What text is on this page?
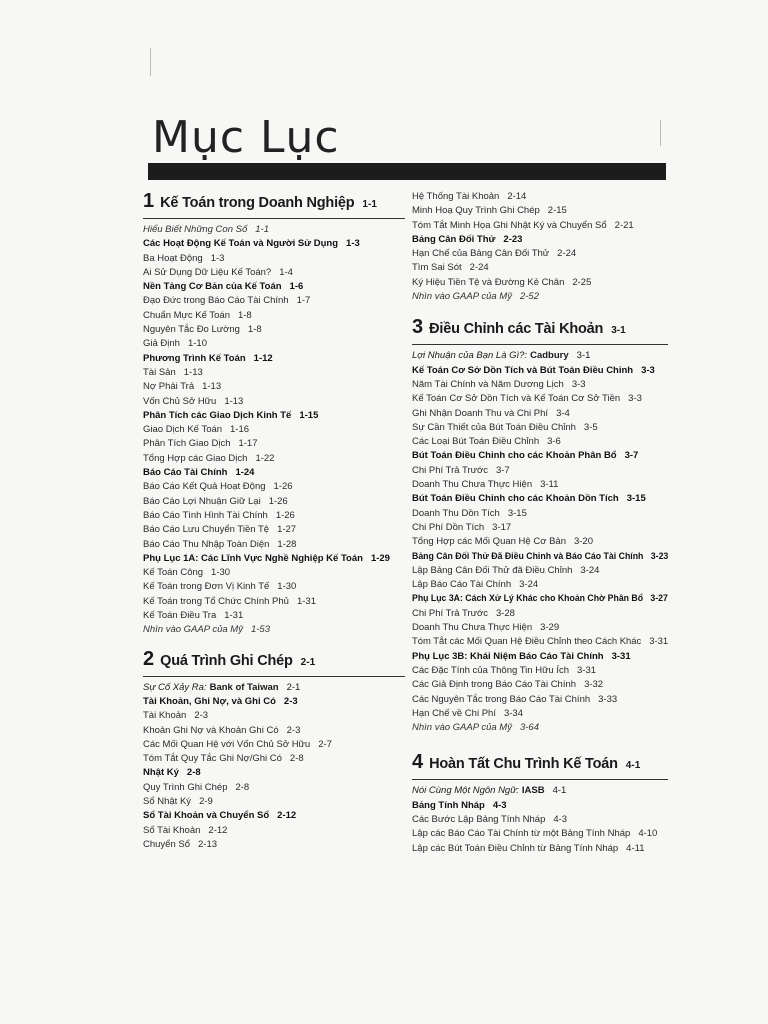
Mục Lục
1 Kế Toán trong Doanh Nghiệp 1-1
Hiểu Biết Những Con Số 1-1
Các Hoạt Động Kế Toán và Người Sử Dụng 1-3
Ba Hoạt Động 1-3
Ai Sử Dụng Dữ Liệu Kế Toán? 1-4
Nền Tảng Cơ Bản của Kế Toán 1-6
Đạo Đức trong Báo Cáo Tài Chính 1-7
Chuẩn Mực Kế Toán 1-8
Nguyên Tắc Đo Lường 1-8
Giả Định 1-10
Phương Trình Kế Toán 1-12
Tài Sản 1-13
Nợ Phải Trả 1-13
Vốn Chủ Sở Hữu 1-13
Phân Tích các Giao Dịch Kinh Tế 1-15
Giao Dịch Kế Toán 1-16
Phân Tích Giao Dịch 1-17
Tổng Hợp các Giao Dịch 1-22
Báo Cáo Tài Chính 1-24
Báo Cáo Kết Quả Hoạt Động 1-26
Báo Cáo Lợi Nhuận Giữ Lại 1-26
Báo Cáo Tình Hình Tài Chính 1-26
Báo Cáo Lưu Chuyển Tiền Tệ 1-27
Báo Cáo Thu Nhập Toàn Diện 1-28
Phụ Lục 1A: Các Lĩnh Vực Nghề Nghiệp Kế Toán 1-29
Kế Toán Công 1-30
Kế Toán trong Đơn Vị Kinh Tế 1-30
Kế Toán trong Tổ Chức Chính Phủ 1-31
Kế Toán Điều Tra 1-31
Nhìn vào GAAP của Mỹ 1-53
2 Quá Trình Ghi Chép 2-1
Sự Cố Xảy Ra: Bank of Taiwan 2-1
Tài Khoản, Ghi Nợ, và Ghi Có 2-3
Tài Khoản 2-3
Khoản Ghi Nợ và Khoản Ghi Có 2-3
Các Mối Quan Hệ với Vốn Chủ Sở Hữu 2-7
Tóm Tắt Quy Tắc Ghi Nợ/Ghi Có 2-8
Nhật Ký 2-8
Quy Trình Ghi Chép 2-8
Sổ Nhật Ký 2-9
Sổ Tài Khoản và Chuyển Sổ 2-12
Sổ Tài Khoản 2-12
Chuyển Sổ 2-13
Hệ Thống Tài Khoản 2-14
Minh Hoạ Quy Trình Ghi Chép 2-15
Tóm Tắt Minh Họa Ghi Nhật Ký và Chuyển Sổ 2-21
Bảng Cân Đối Thử 2-23
Hạn Chế của Bảng Cân Đối Thử 2-24
Tìm Sai Sót 2-24
Ký Hiệu Tiền Tệ và Đường Kẻ Chân 2-25
Nhìn vào GAAP của Mỹ 2-52
3 Điều Chỉnh các Tài Khoản 3-1
Lợi Nhuận của Bạn Là Gì?: Cadbury 3-1
Kế Toán Cơ Sở Dồn Tích và Bút Toán Điều Chỉnh 3-3
Năm Tài Chính và Năm Dương Lịch 3-3
Kế Toán Cơ Sở Dồn Tích và Kế Toán Cơ Sở Tiền 3-3
Ghi Nhận Doanh Thu và Chi Phí 3-4
Sự Cần Thiết của Bút Toán Điều Chỉnh 3-5
Các Loại Bút Toán Điều Chỉnh 3-6
Bút Toán Điều Chỉnh cho các Khoản Phân Bổ 3-7
Chi Phí Trả Trước 3-7
Doanh Thu Chưa Thực Hiện 3-11
Bút Toán Điều Chỉnh cho các Khoản Dồn Tích 3-15
Doanh Thu Dồn Tích 3-15
Chi Phí Dồn Tích 3-17
Tổng Hợp các Mối Quan Hệ Cơ Bản 3-20
Bảng Cân Đối Thử Đã Điều Chỉnh và Báo Cáo Tài Chính 3-23
Lập Bảng Cân Đối Thử đã Điều Chỉnh 3-24
Lập Báo Cáo Tài Chính 3-24
Phụ Lục 3A: Cách Xử Lý Khác cho Khoản Chờ Phân Bổ 3-27
Chi Phí Trả Trước 3-28
Doanh Thu Chưa Thực Hiện 3-29
Tóm Tắt các Mối Quan Hệ Điều Chỉnh theo Cách Khác 3-31
Phụ Lục 3B: Khái Niệm Báo Cáo Tài Chính 3-31
Các Đặc Tính của Thông Tin Hữu Ích 3-31
Các Giả Định trong Báo Cáo Tài Chính 3-32
Các Nguyên Tắc trong Báo Cáo Tài Chính 3-33
Hạn Chế về Chi Phí 3-34
Nhìn vào GAAP của Mỹ 3-64
4 Hoàn Tất Chu Trình Kế Toán 4-1
Nói Cùng Một Ngôn Ngữ: IASB 4-1
Bảng Tính Nháp 4-3
Các Bước Lập Bảng Tính Nháp 4-3
Lập các Báo Cáo Tài Chính từ một Bảng Tính Nháp 4-10
Lập các Bút Toán Điều Chỉnh từ Bảng Tính Nháp 4-11
